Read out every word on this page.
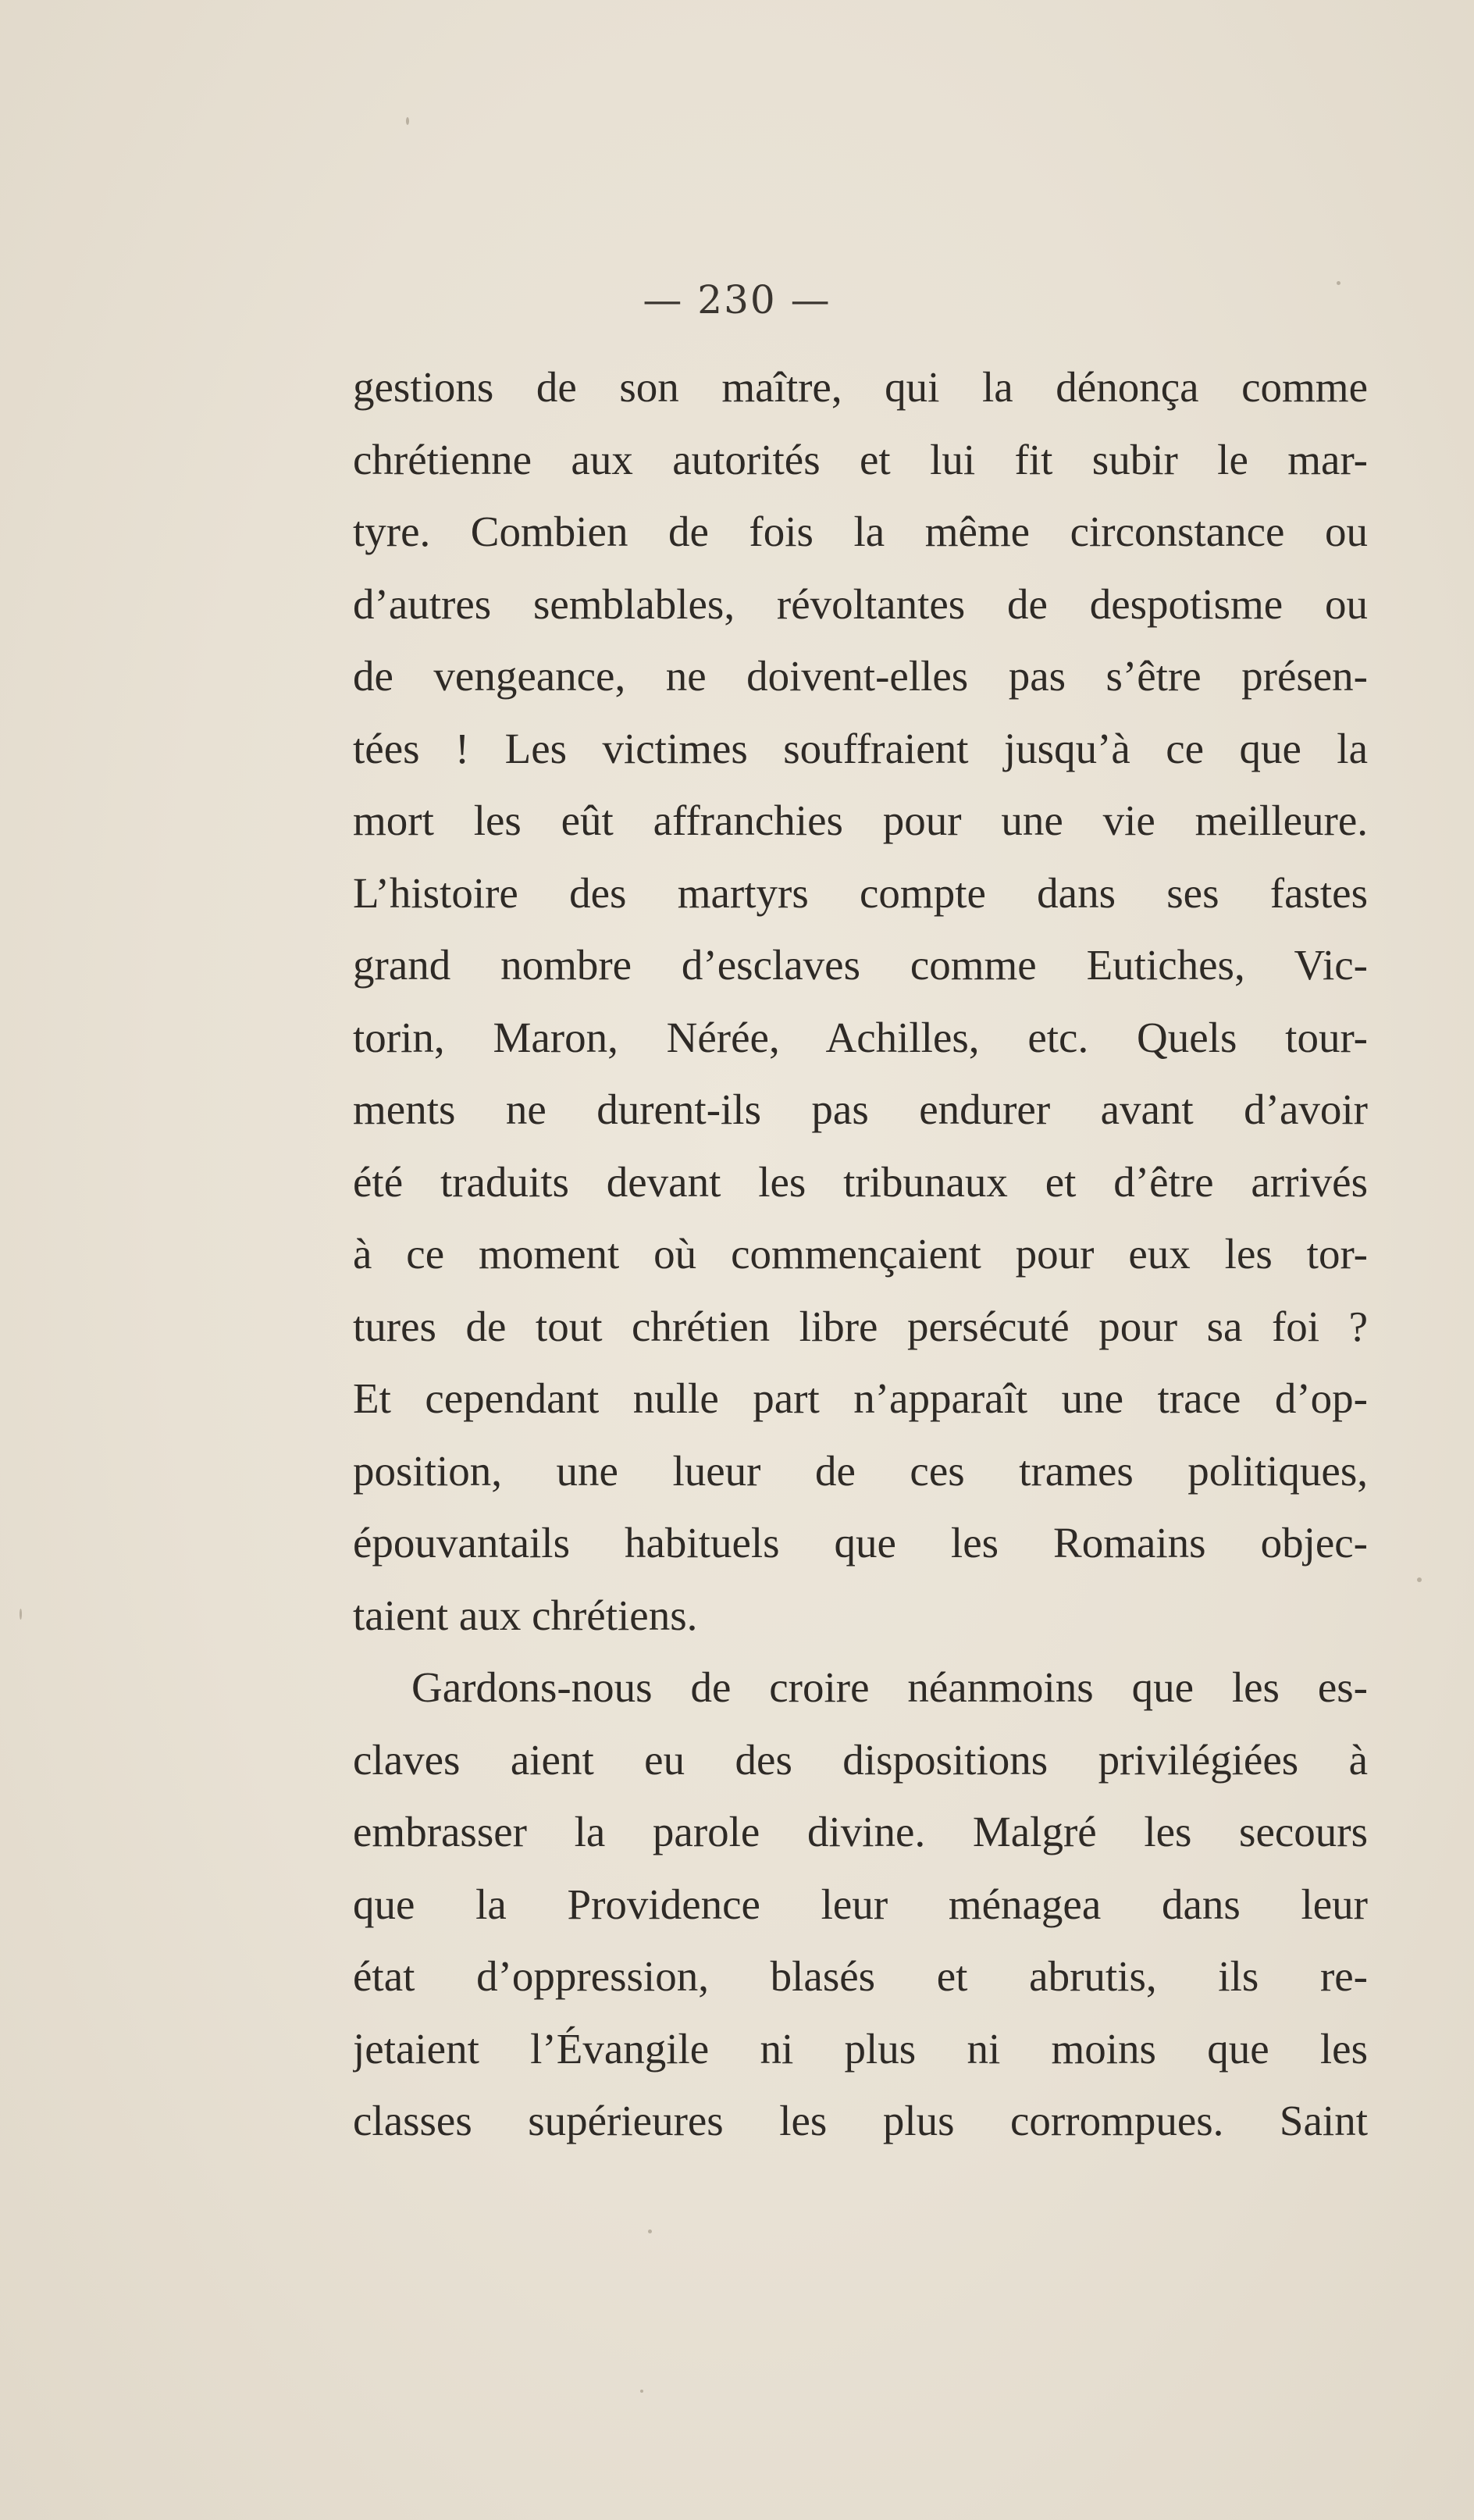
— 230 —
gestions de son maître, qui la dénonça comme
chrétienne aux autorités et lui fit subir le mar-
tyre. Combien de fois la même circonstance ou
d’autres semblables, révoltantes de despotisme ou
de vengeance, ne doivent-elles pas s’être présen-
tées ! Les victimes souffraient jusqu’à ce que la
mort les eût affranchies pour une vie meilleure.
L’histoire des martyrs compte dans ses fastes
grand nombre d’esclaves comme Eutiches, Vic-
torin, Maron, Nérée, Achilles, etc. Quels tour-
ments ne durent-ils pas endurer avant d’avoir
été traduits devant les tribunaux et d’être arrivés
à ce moment où commençaient pour eux les tor-
tures de tout chrétien libre persécuté pour sa foi ?
Et cependant nulle part n’apparaît une trace d’op-
position, une lueur de ces trames politiques,
épouvantails habituels que les Romains objec-
taient aux chrétiens.
Gardons-nous de croire néanmoins que les es-
claves aient eu des dispositions privilégiées à
embrasser la parole divine. Malgré les secours
que la Providence leur ménagea dans leur
état d’oppression, blasés et abrutis, ils re-
jetaient l’Évangile ni plus ni moins que les
classes supérieures les plus corrompues. Saint
